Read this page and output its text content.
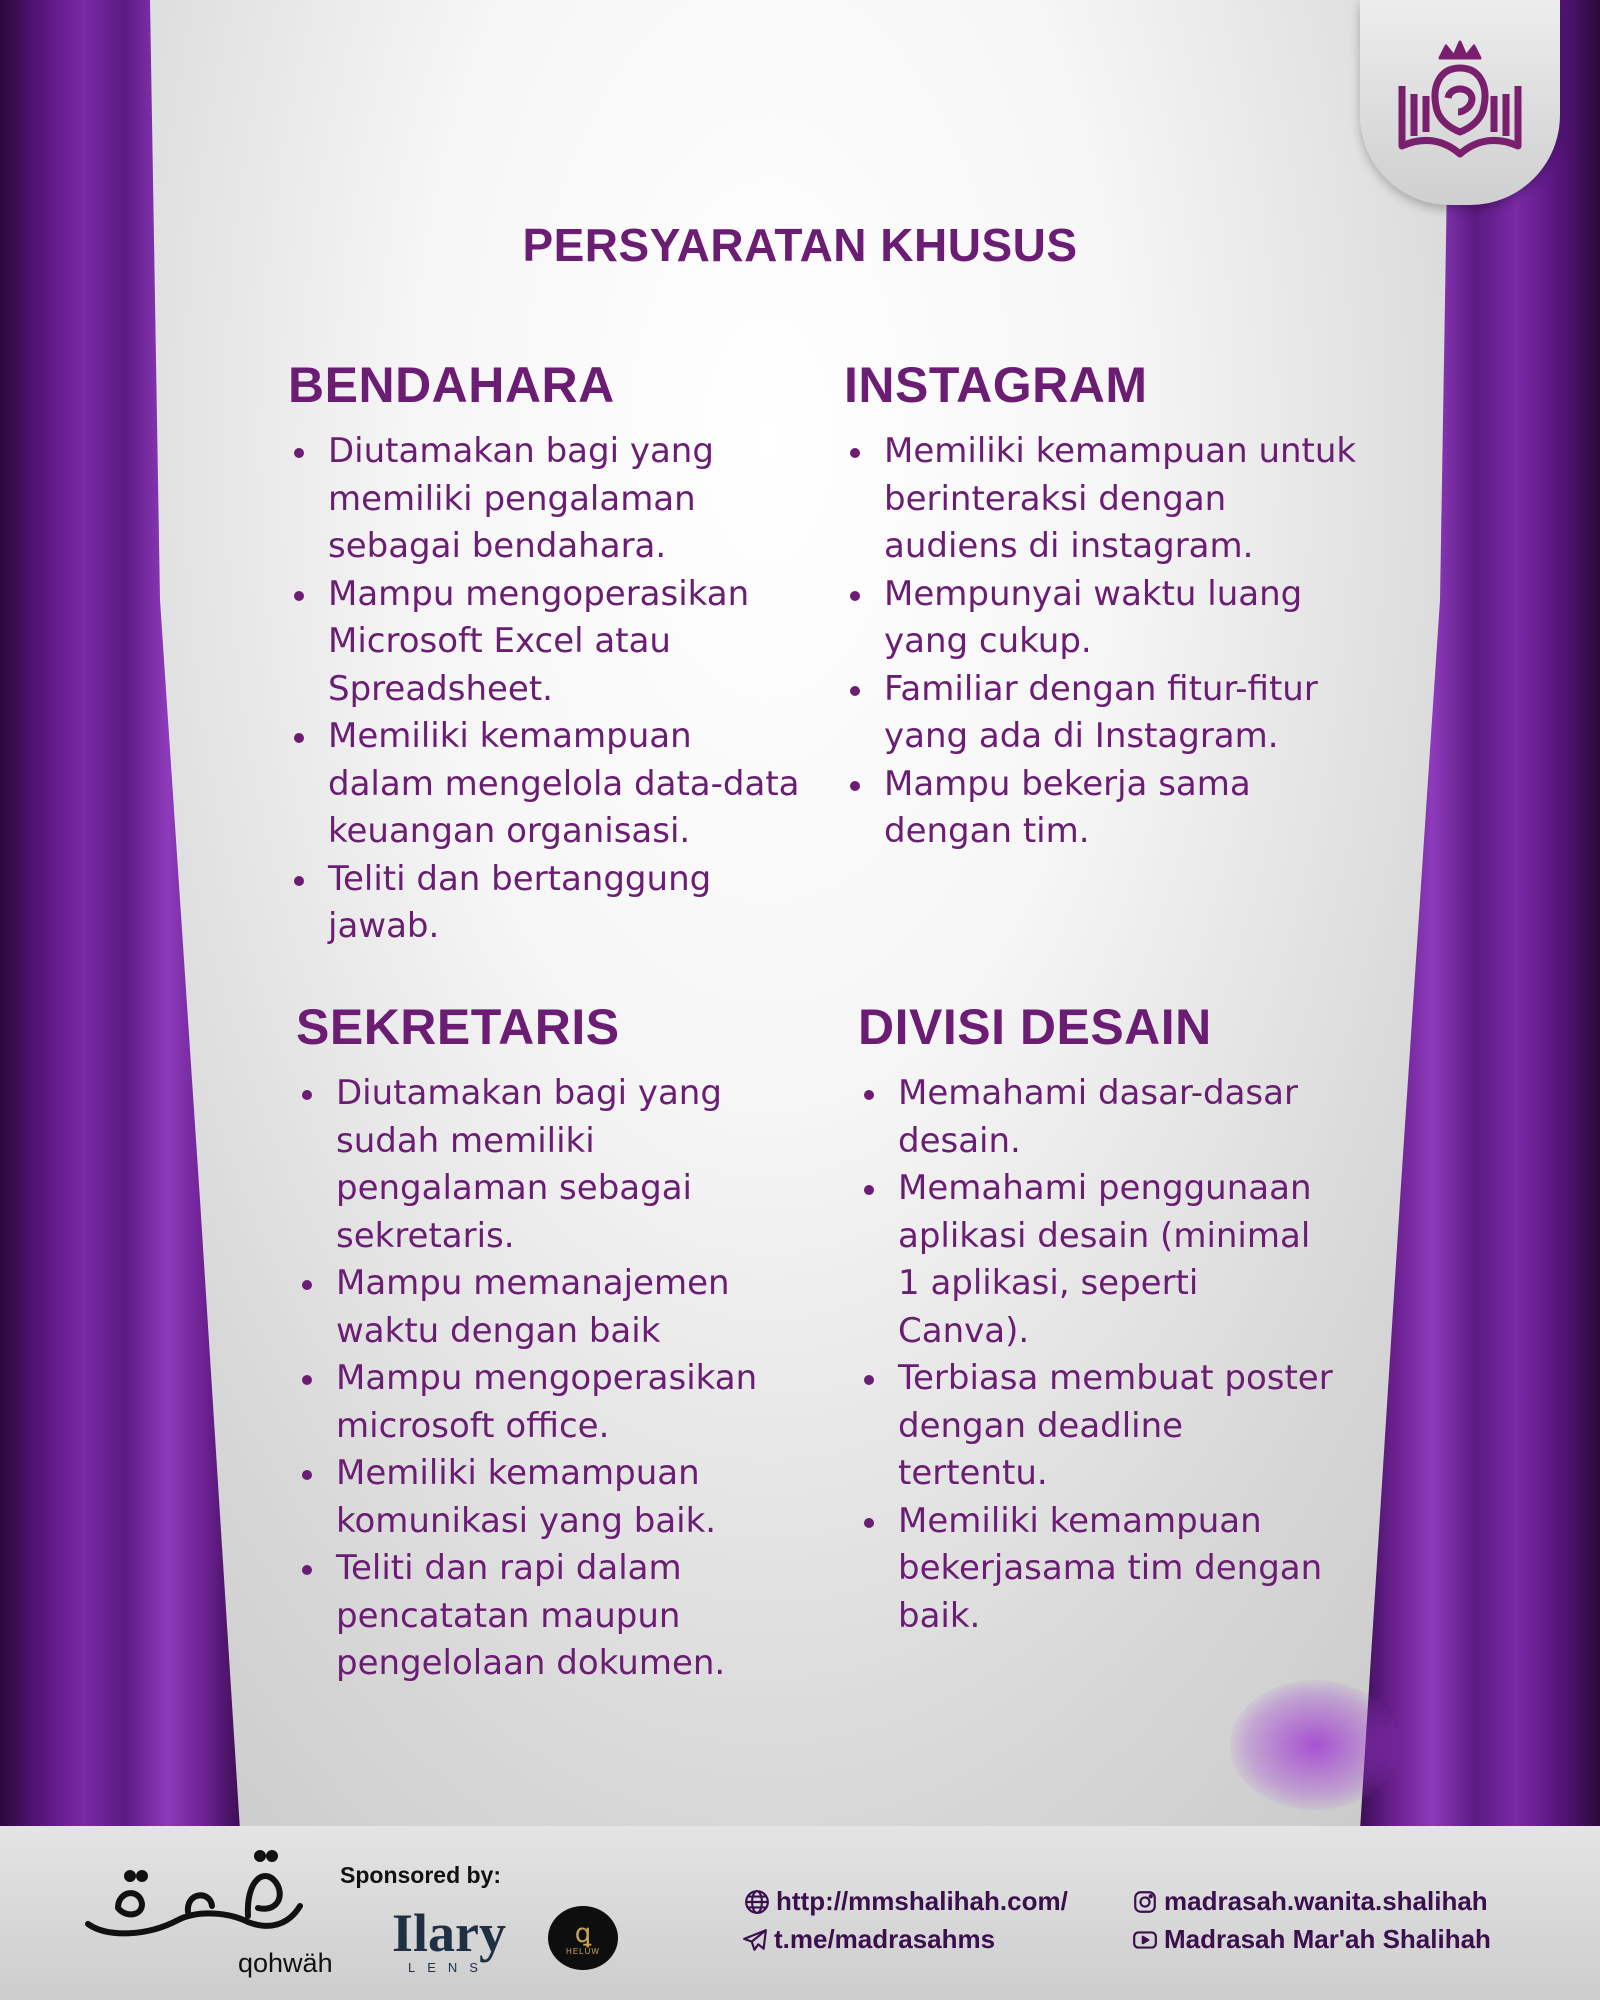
PERSYARATAN KHUSUS
BENDAHARA
Diutamakan bagi yang memiliki pengalaman sebagai bendahara.
Mampu mengoperasikan Microsoft Excel atau Spreadsheet.
Memiliki kemampuan dalam mengelola data-data keuangan organisasi.
Teliti dan bertanggung jawab.
INSTAGRAM
Memiliki kemampuan untuk berinteraksi dengan audiens di instagram.
Mempunyai waktu luang yang cukup.
Familiar dengan fitur-fitur yang ada di Instagram.
Mampu bekerja sama dengan tim.
SEKRETARIS
Diutamakan bagi yang sudah memiliki pengalaman sebagai sekretaris.
Mampu memanajemen waktu dengan baik
Mampu mengoperasikan microsoft office.
Memiliki kemampuan komunikasi yang baik.
Teliti dan rapi dalam pencatatan maupun pengelolaan dokumen.
DIVISI DESAIN
Memahami dasar-dasar desain.
Memahami penggunaan aplikasi desain (minimal 1 aplikasi, seperti Canva).
Terbiasa membuat poster dengan deadline tertentu.
Memiliki kemampuan bekerjasama tim dengan baik.
qohwäh
Sponsored by:
Ilary
LENS
ꝗ
HELUW
http://mmshalihah.com/
t.me/madrasahms
madrasah.wanita.shalihah
Madrasah Mar'ah Shalihah
